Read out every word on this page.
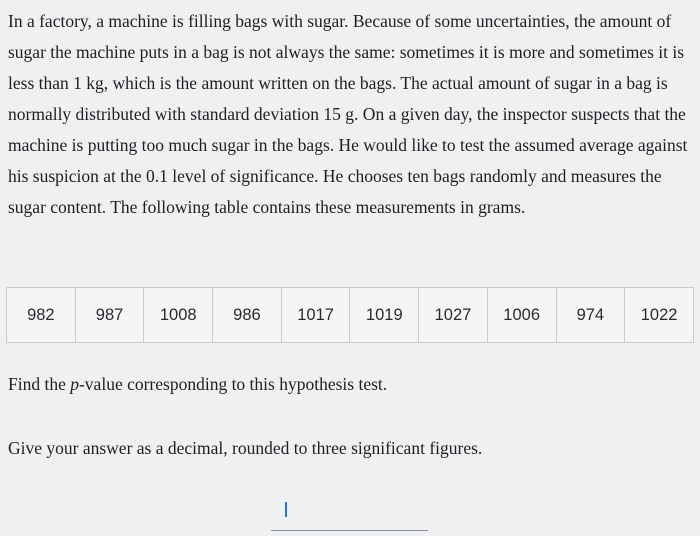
In a factory, a machine is filling bags with sugar. Because of some uncertainties, the amount of sugar the machine puts in a bag is not always the same: sometimes it is more and sometimes it is less than 1 kg, which is the amount written on the bags. The actual amount of sugar in a bag is normally distributed with standard deviation 15 g. On a given day, the inspector suspects that the machine is putting too much sugar in the bags. He would like to test the assumed average against his suspicion at the 0.1 level of significance. He chooses ten bags randomly and measures the sugar content. The following table contains these measurements in grams.

982	987	1008	986	1017	1019	1027	1006	974	1022

Find the p-value corresponding to this hypothesis test.

Give your answer as a decimal, rounded to three significant figures.
